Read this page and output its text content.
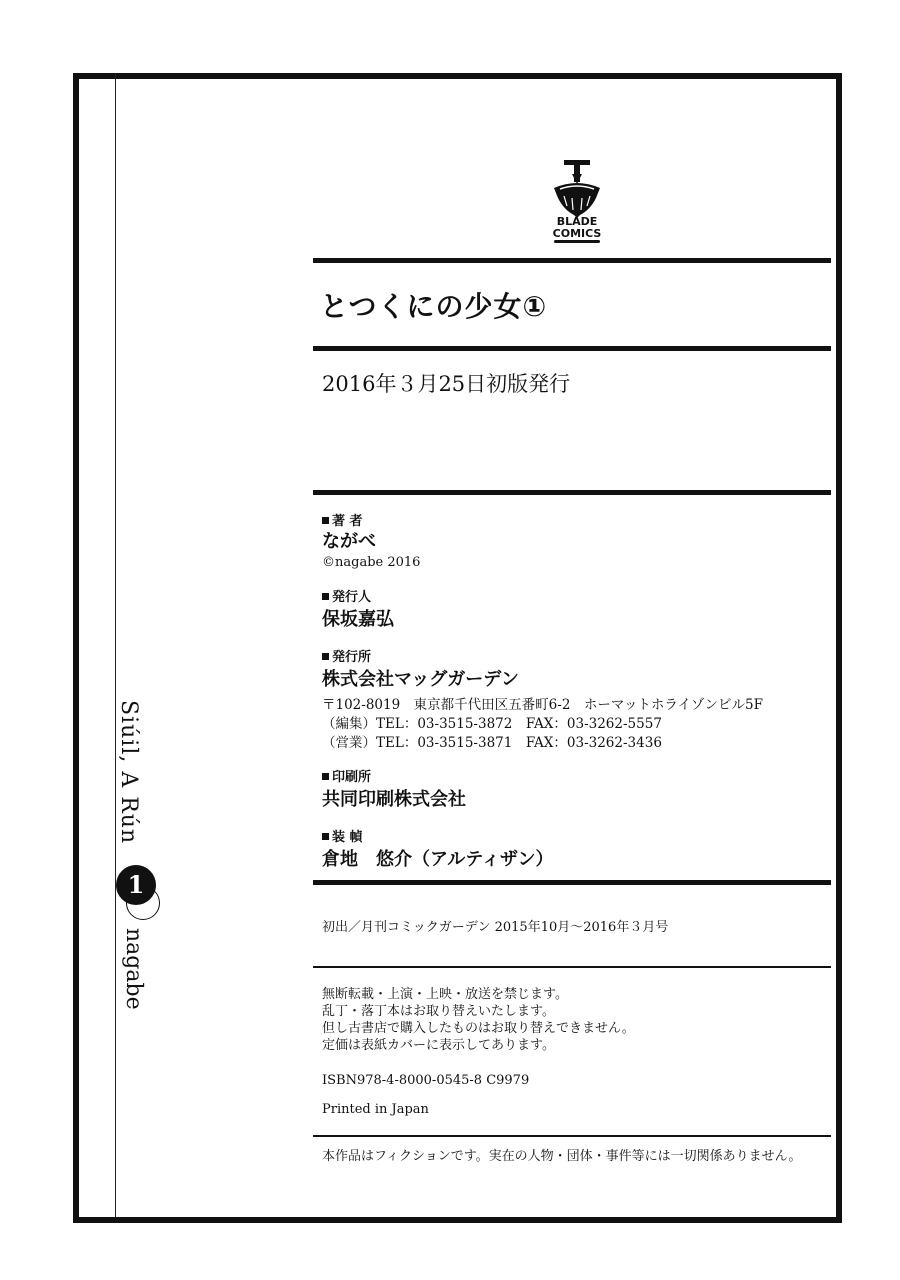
Siúil, A Rún
1
nagabe
BLADE
COMICS
とつくにの少女①
2016年３月25日初版発行
著 者
ながべ
©nagabe 2016
発行人
保坂嘉弘
発行所
株式会社マッグガーデン
〒102-8019　東京都千代田区五番町6-2　ホーマットホライゾンビル5F
（編集）TEL：03-3515-3872　FAX：03-3262-5557
（営業）TEL：03-3515-3871　FAX：03-3262-3436
印刷所
共同印刷株式会社
装 幀
倉地　悠介（アルティザン）
初出／月刊コミックガーデン 2015年10月～2016年３月号
無断転載・上演・上映・放送を禁じます。
乱丁・落丁本はお取り替えいたします。
但し古書店で購入したものはお取り替えできません。
定価は表紙カバーに表示してあります。
ISBN978-4-8000-0545-8 C9979
Printed in Japan
本作品はフィクションです。実在の人物・団体・事件等には一切関係ありません。
